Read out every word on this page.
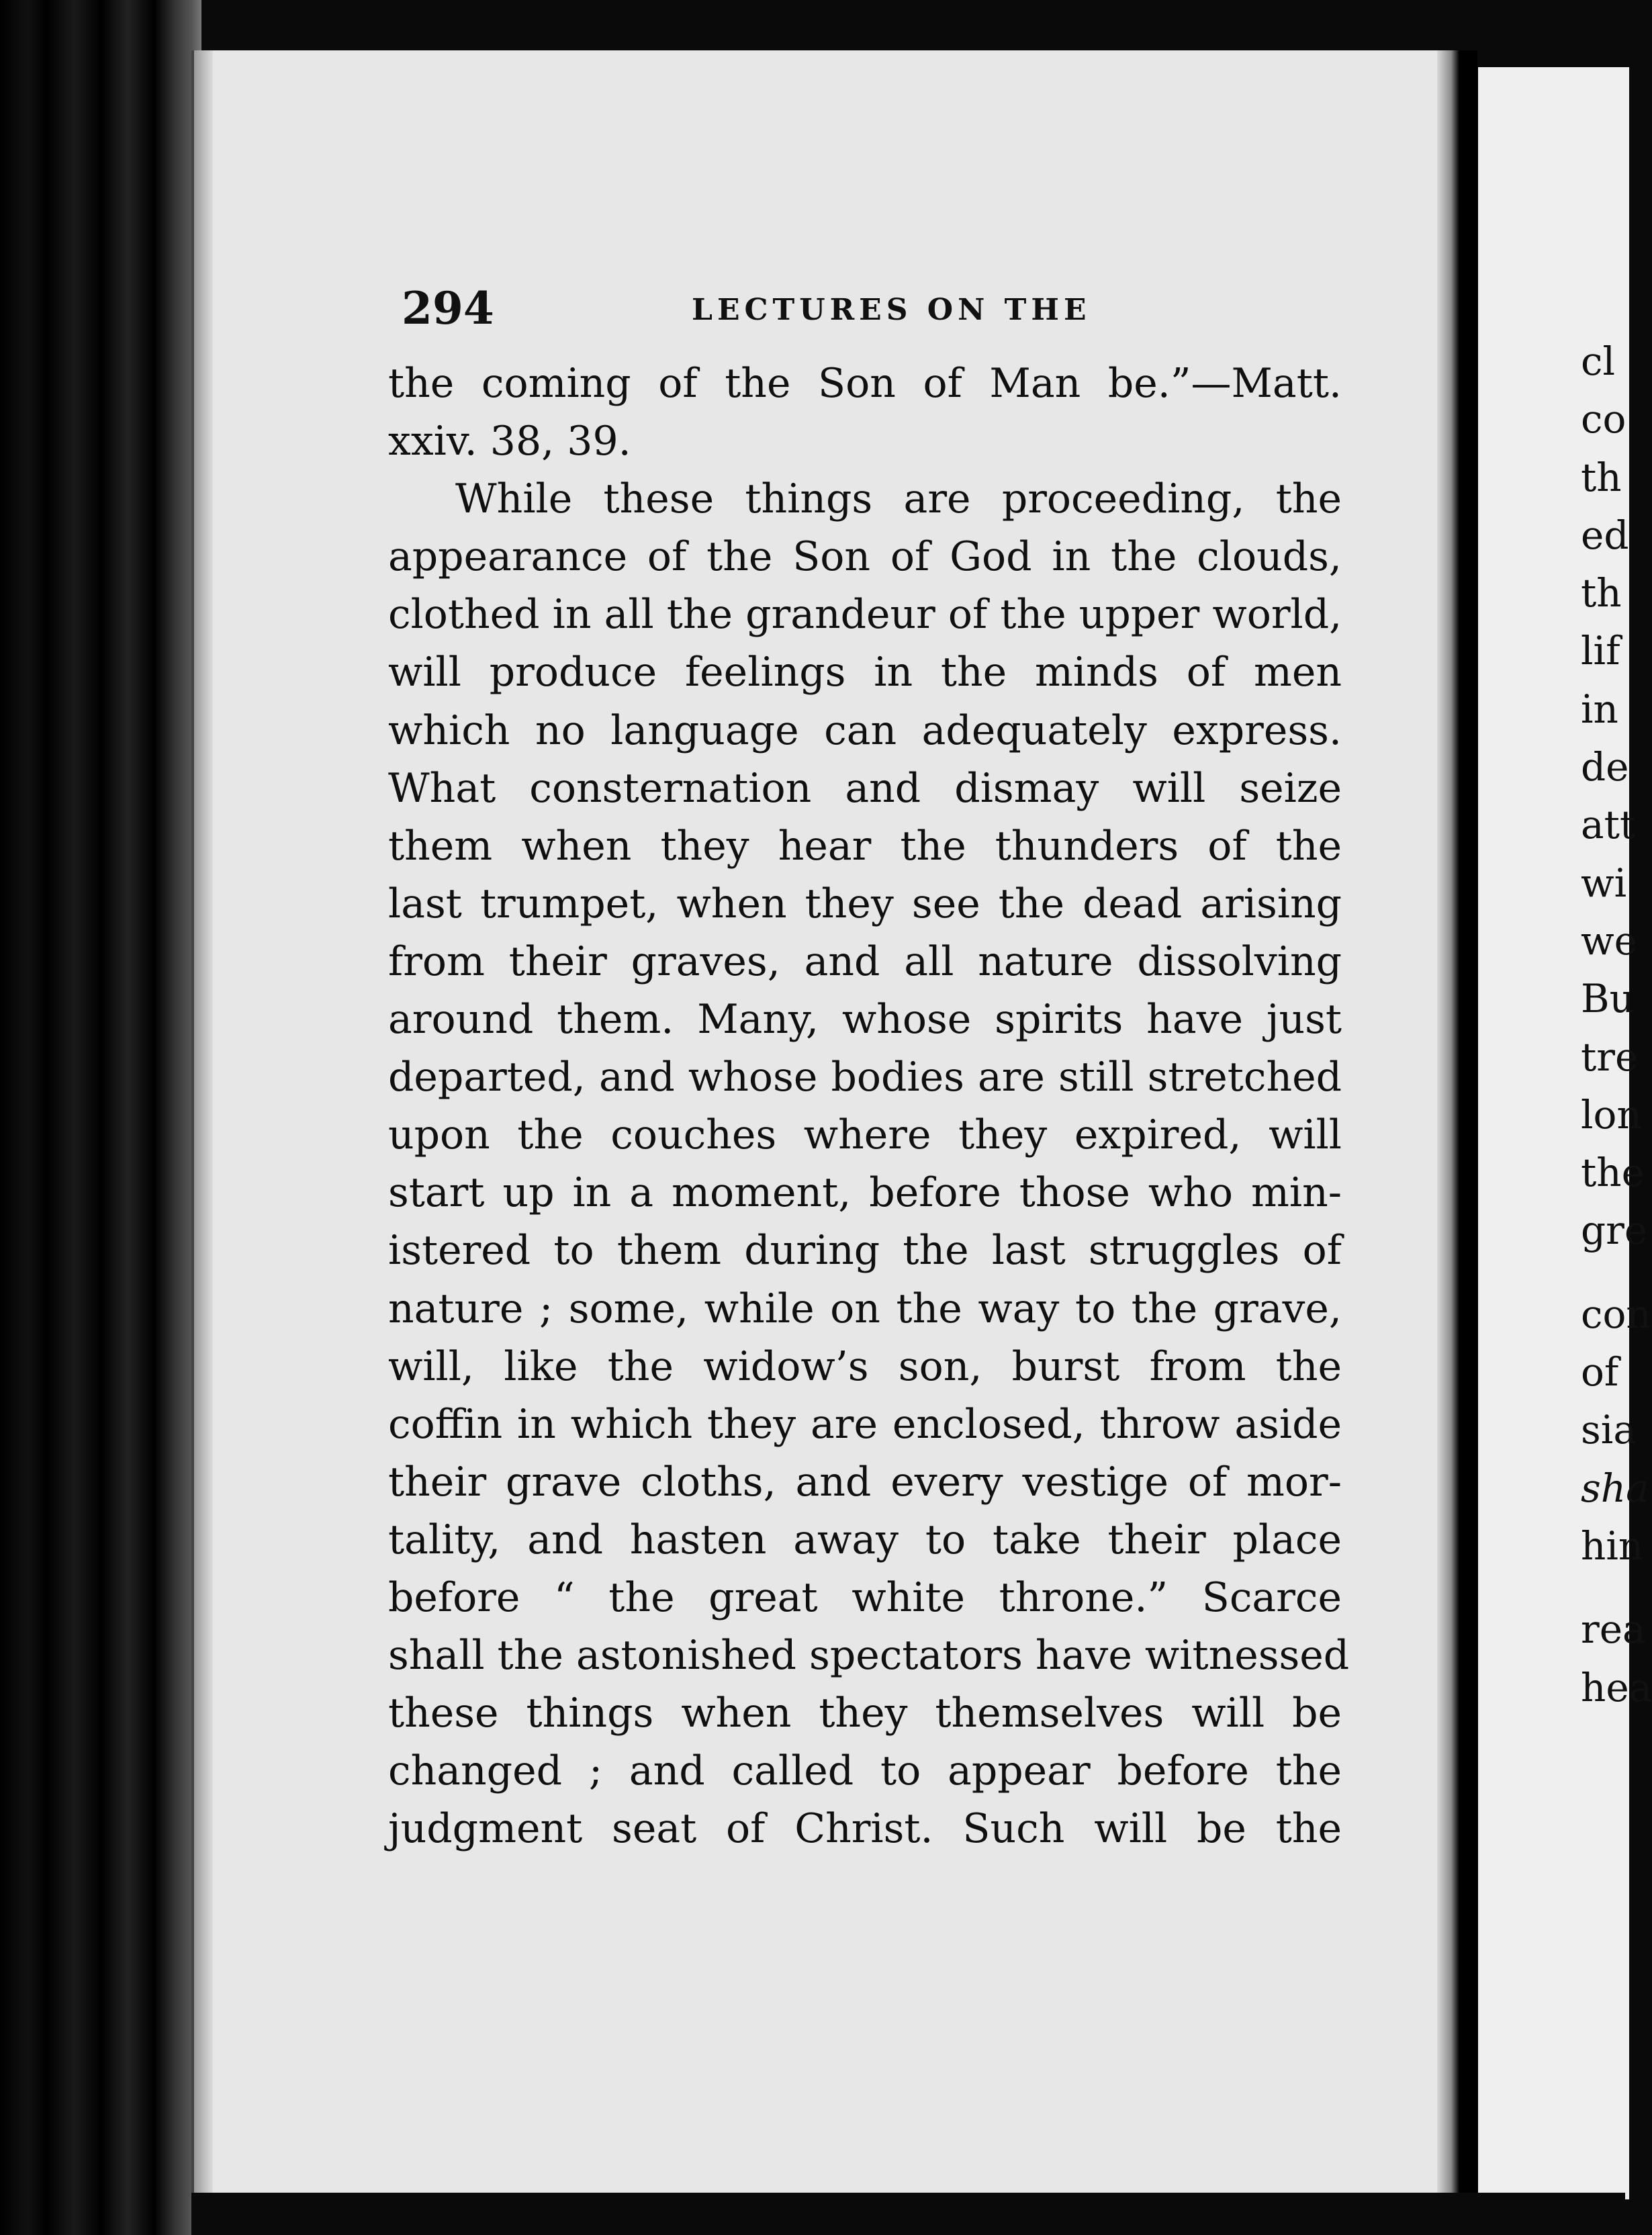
294	LECTURES ON THE
the coming of the Son of Man be.”—Matt.
xxiv. 38, 39.
While these things are proceeding, the
appearance of the Son of God in the clouds,
clothed in all the grandeur of the upper world,
will produce feelings in the minds of men
which no language can adequately express.
What consternation and dismay will seize
them when they hear the thunders of the
last trumpet, when they see the dead arising
from their graves, and all nature dissolving
around them. Many, whose spirits have just
departed, and whose bodies are still stretched
upon the couches where they expired, will
start up in a moment, before those who min-
istered to them during the last struggles of
nature ; some, while on the way to the grave,
will, like the widow’s son, burst from the
coffin in which they are enclosed, throw aside
their grave cloths, and every vestige of mor-
tality, and hasten away to take their place
before “ the great white throne.” Scarce
shall the astonished spectators have witnessed
these things when they themselves will be
changed ; and called to appear before the
judgment seat of Christ. Such will be the
cl
co
th
ed
th
lif
in
de
att
wi
we
Bu
tre
lon
the
gre
con
of
sia
sha
hin
rea
hea
